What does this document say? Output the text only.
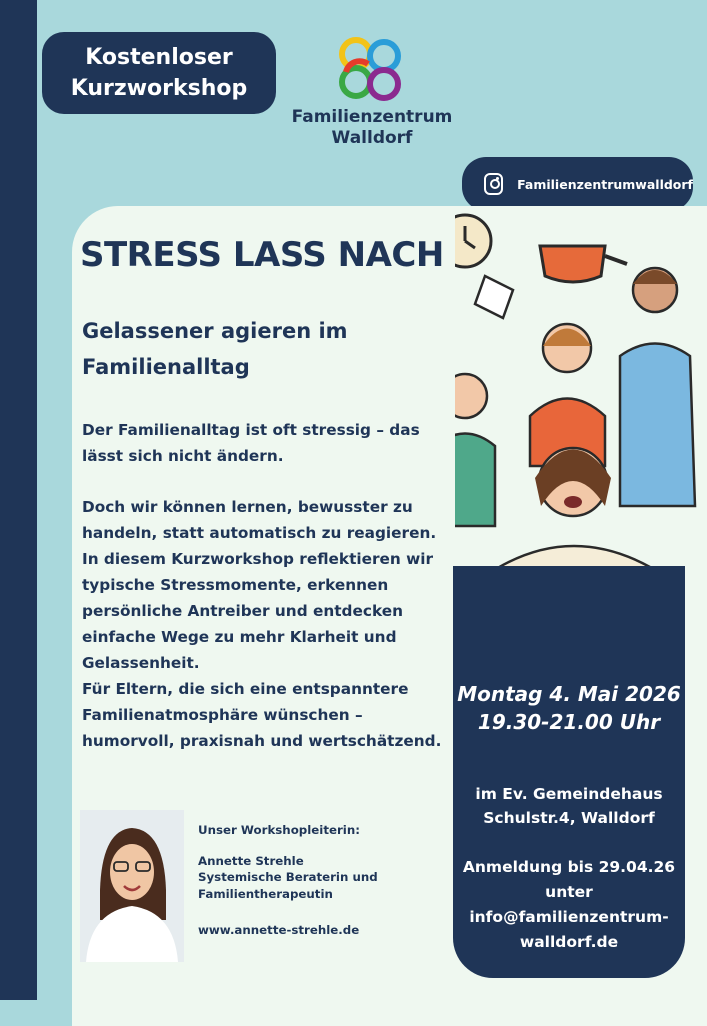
Kostenloser
Kurzworkshop
Familienzentrum
Walldorf
Familienzentrumwalldorf
STRESS LASS NACH
Gelassener agieren im
Familienalltag
Der Familienalltag ist oft stressig – das
lässt sich nicht ändern.
Doch wir können lernen, bewusster zu
handeln, statt automatisch zu reagieren.
In diesem Kurzworkshop reflektieren wir
typische Stressmomente, erkennen
persönliche Antreiber und entdecken
einfache Wege zu mehr Klarheit und
Gelassenheit.
Für Eltern, die sich eine entspanntere
Familienatmosphäre wünschen –
humorvoll, praxisnah und wertschätzend.
Montag 4. Mai 2026
19.30-21.00 Uhr
im Ev. Gemeindehaus
Schulstr.4, Walldorf
Anmeldung bis 29.04.26
unter
info@familienzentrum-
walldorf.de
Unser Workshopleiterin:
Annette Strehle
Systemische Beraterin und
Familientherapeutin
www.annette-strehle.de
